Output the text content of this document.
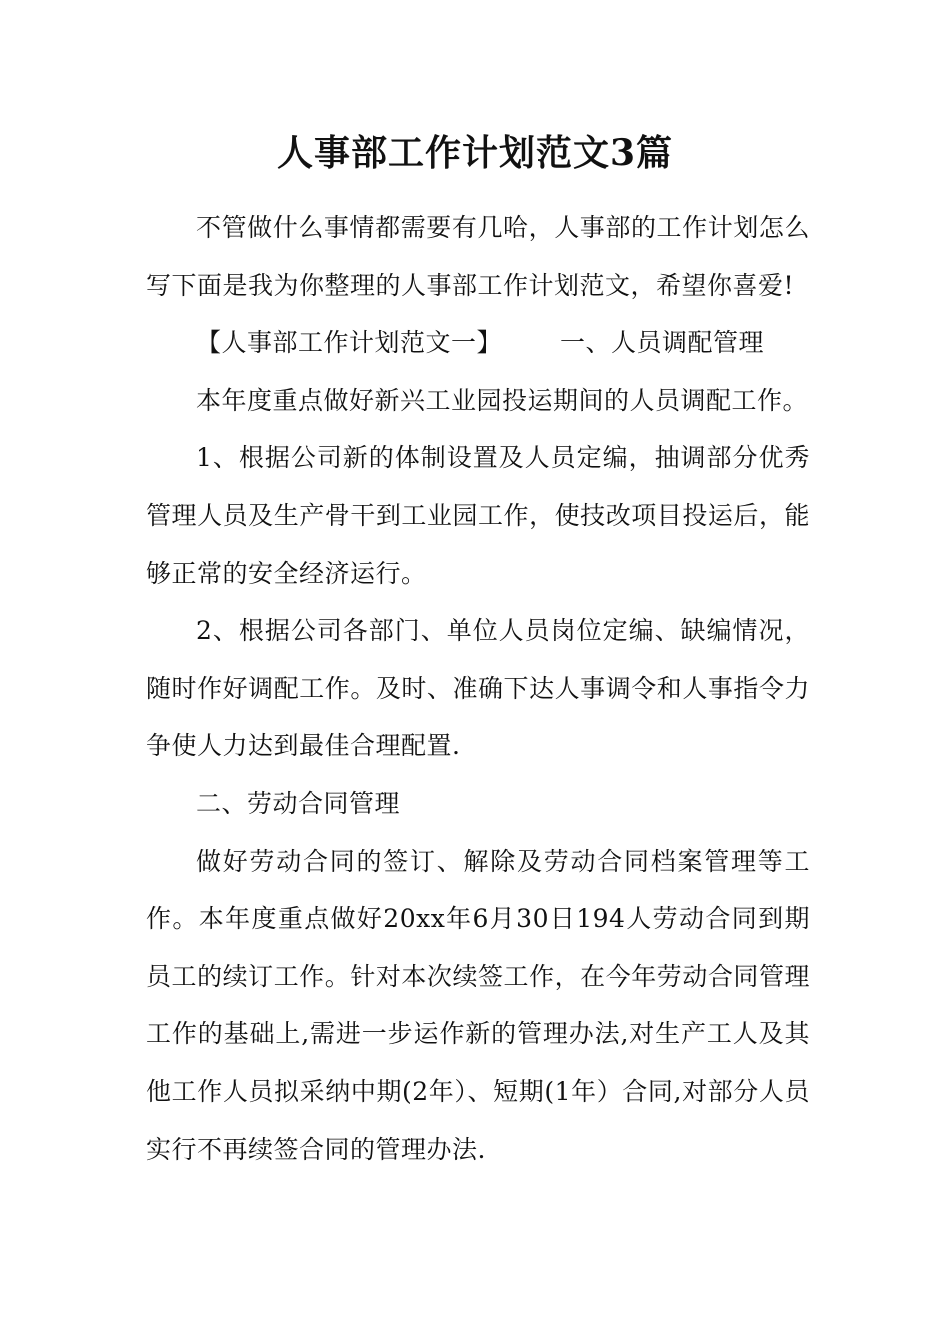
人事部工作计划范文3篇

不管做什么事情都需要有几哈，人事部的工作计划怎么写下面是我为你整理的人事部工作计划范文，希望你喜爱!

【人事部工作计划范文一】 一、人员调配管理

本年度重点做好新兴工业园投运期间的人员调配工作。

1、根据公司新的体制设置及人员定编，抽调部分优秀管理人员及生产骨干到工业园工作，使技改项目投运后，能够正常的安全经济运行。

2、根据公司各部门、单位人员岗位定编、缺编情况，随时作好调配工作。及时、准确下达人事调令和人事指令力争使人力达到最佳合理配置.

二、劳动合同管理

做好劳动合同的签订、解除及劳动合同档案管理等工作。本年度重点做好20xx年6月30日194人劳动合同到期员工的续订工作。针对本次续签工作，在今年劳动合同管理工作的基础上,需进一步运作新的管理办法,对生产工人及其他工作人员拟采纳中期(2年）、短期(1年）合同,对部分人员实行不再续签合同的管理办法.
